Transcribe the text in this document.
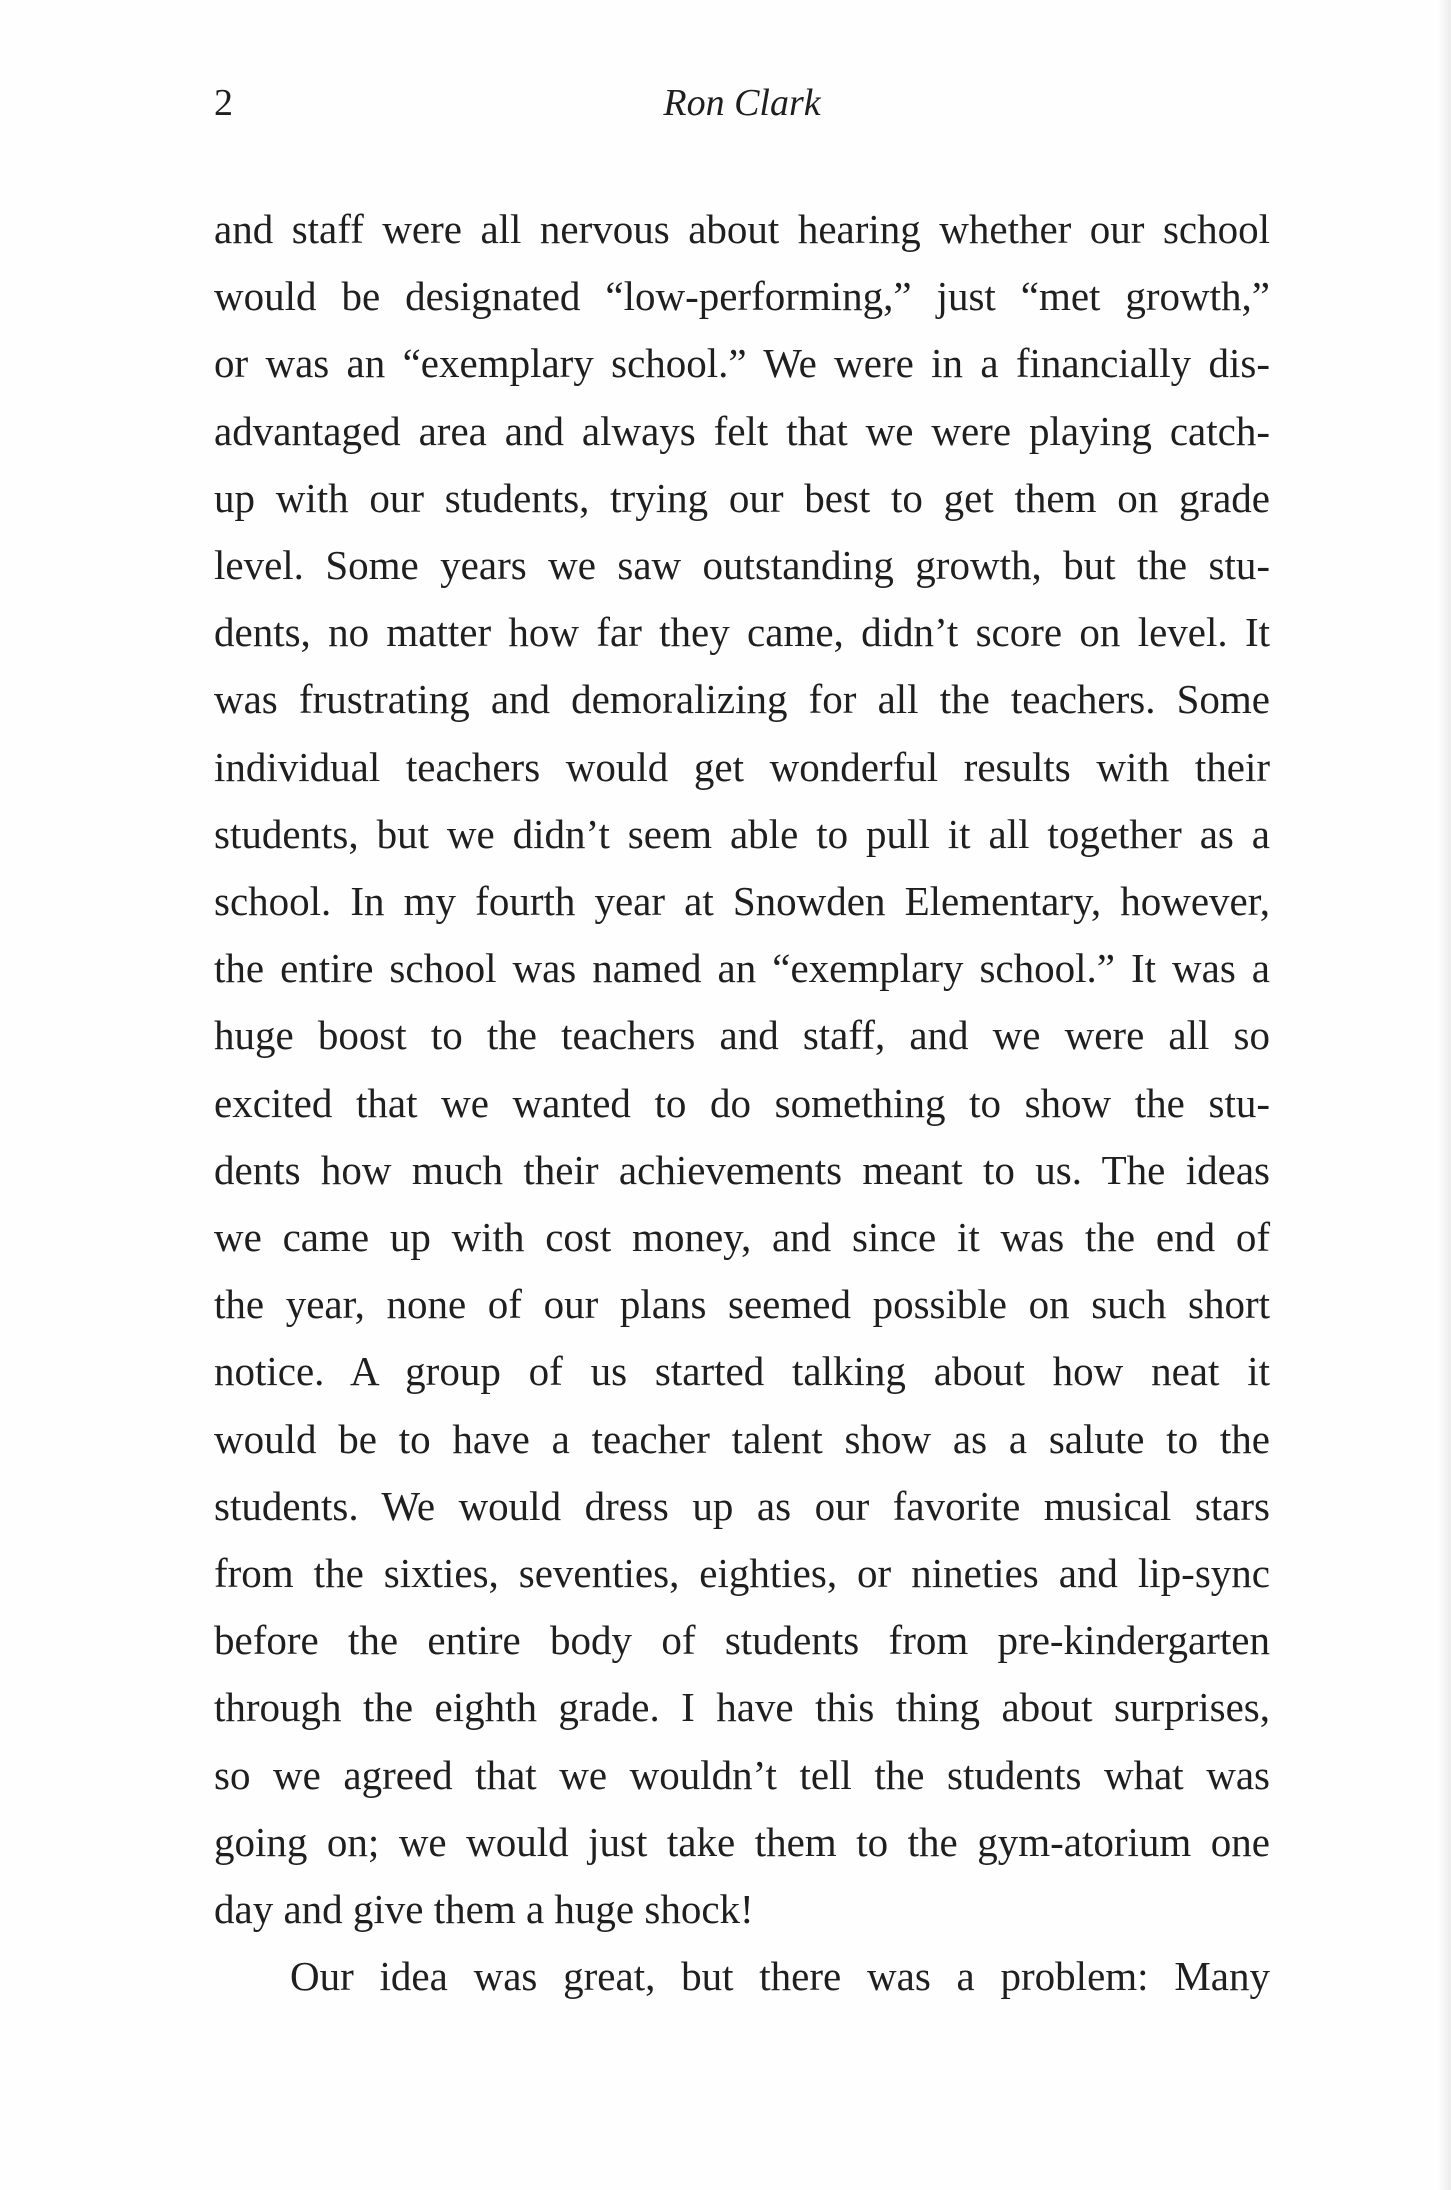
2	Ron Clark

and staff were all nervous about hearing whether our school
would be designated “low-performing,” just “met growth,”
or was an “exemplary school.” We were in a financially dis-
advantaged area and always felt that we were playing catch-
up with our students, trying our best to get them on grade
level. Some years we saw outstanding growth, but the stu-
dents, no matter how far they came, didn’t score on level. It
was frustrating and demoralizing for all the teachers. Some
individual teachers would get wonderful results with their
students, but we didn’t seem able to pull it all together as a
school. In my fourth year at Snowden Elementary, however,
the entire school was named an “exemplary school.” It was a
huge boost to the teachers and staff, and we were all so
excited that we wanted to do something to show the stu-
dents how much their achievements meant to us. The ideas
we came up with cost money, and since it was the end of
the year, none of our plans seemed possible on such short
notice. A group of us started talking about how neat it
would be to have a teacher talent show as a salute to the
students. We would dress up as our favorite musical stars
from the sixties, seventies, eighties, or nineties and lip-sync
before the entire body of students from pre-kindergarten
through the eighth grade. I have this thing about surprises,
so we agreed that we wouldn’t tell the students what was
going on; we would just take them to the gym-atorium one
day and give them a huge shock!

Our idea was great, but there was a problem: Many
